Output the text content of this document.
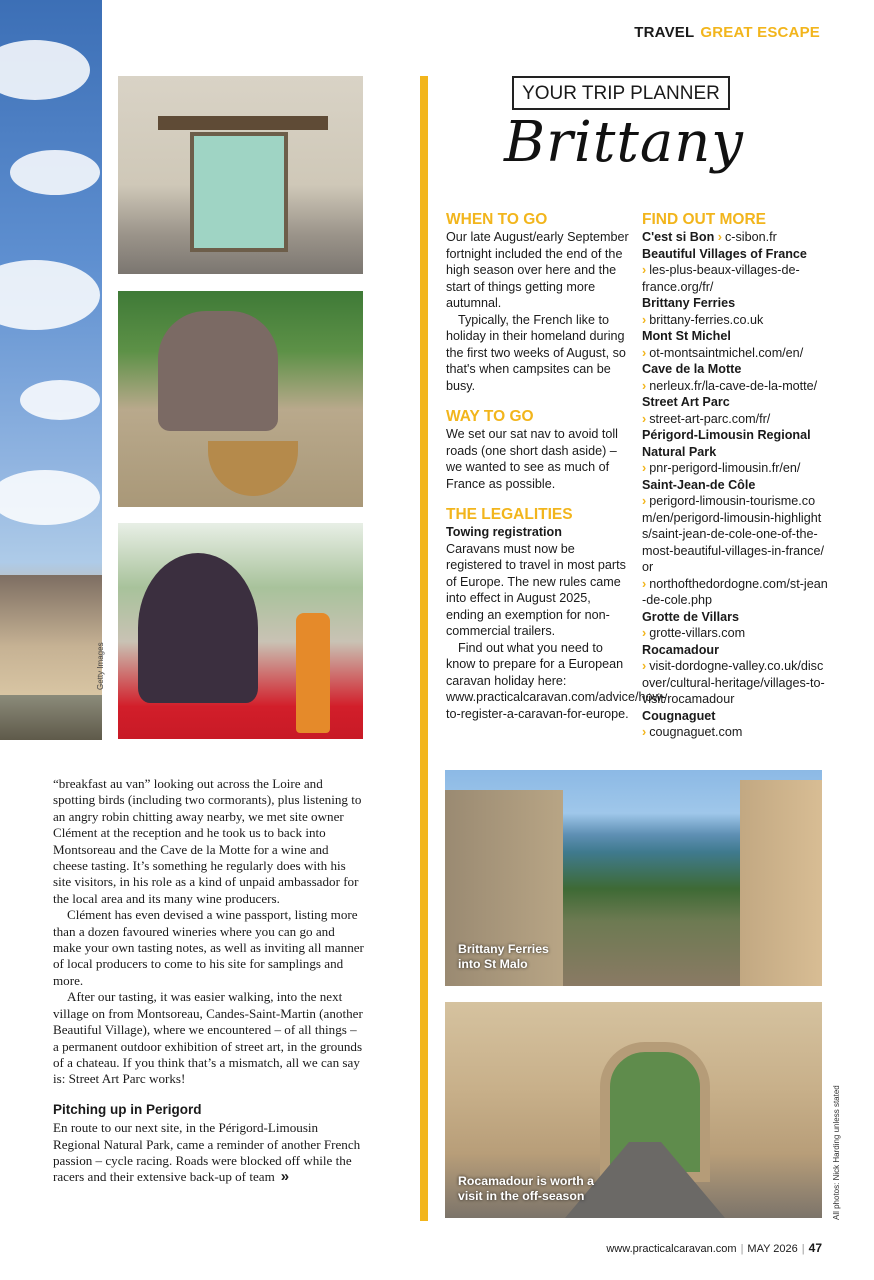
TRAVEL GREAT ESCAPE
Getty Images
YOUR TRIP PLANNER
Brittany
WHEN TO GO

Our late August/early September fortnight included the end of the high season over here and the start of things getting more autumnal.

Typically, the French like to holiday in their homeland during the first two weeks of August, so that's when campsites can be busy.

WAY TO GO

We set our sat nav to avoid toll roads (one short dash aside) – we wanted to see as much of France as possible.

THE LEGALITIES

Towing registration

Caravans must now be registered to travel in most parts of Europe. The new rules came into effect in August 2025, ending an exemption for non-commercial trailers.

Find out what you need to know to prepare for a European caravan holiday here: www.practicalcaravan.com/advice/how-to-register-a-caravan-for-europe.

FIND OUT MORE

C'est si Bon › c-sibon.fr

Beautiful Villages of France

› les-plus-beaux-villages-de-france.org/fr/

Brittany Ferries

› brittany-ferries.co.uk

Mont St Michel

› ot-montsaintmichel.com/en/

Cave de la Motte

› nerleux.fr/la-cave-de-la-motte/

Street Art Parc

› street-art-parc.com/fr/

Périgord-Limousin Regional Natural Park

› pnr-perigord-limousin.fr/en/

Saint-Jean-de Côle

› perigord-limousin-tourisme.com/en/perigord-limousin-highlights/saint-jean-de-cole-one-of-the-most-beautiful-villages-in-france/ or

› northofthedordogne.com/st-jean-de-cole.php

Grotte de Villars

› grotte-villars.com

Rocamadour

› visit-dordogne-valley.co.uk/discover/cultural-heritage/villages-to-visit/rocamadour

Cougnaguet

› cougnaguet.com

“breakfast au van” looking out across the Loire and spotting birds (including two cormorants), plus listening to an angry robin chitting away nearby, we met site owner Clément at the reception and he took us to back into Montsoreau and the Cave de la Motte for a wine and cheese tasting. It’s something he regularly does with his site visitors, in his role as a kind of unpaid ambassador for the local area and its many wine producers.

Clément has even devised a wine passport, listing more than a dozen favoured wineries where you can go and make your own tasting notes, as well as inviting all manner of local producers to come to his site for samplings and more.

After our tasting, it was easier walking, into the next village on from Montsoreau, Candes-Saint-Martin (another Beautiful Village), where we encountered – of all things – a permanent outdoor exhibition of street art, in the grounds of a chateau. If you think that’s a mismatch, all we can say is: Street Art Parc works!

Pitching up in Perigord

En route to our next site, in the Périgord-Limousin Regional Natural Park, came a reminder of another French passion – cycle racing. Roads were blocked off while the racers and their extensive back-up of team »

Brittany Ferries into St Malo
Rocamadour is worth a visit in the off-season	All photos: Nick Harding unless stated
www.practicalcaravan.com | MAY 2026 | 47
